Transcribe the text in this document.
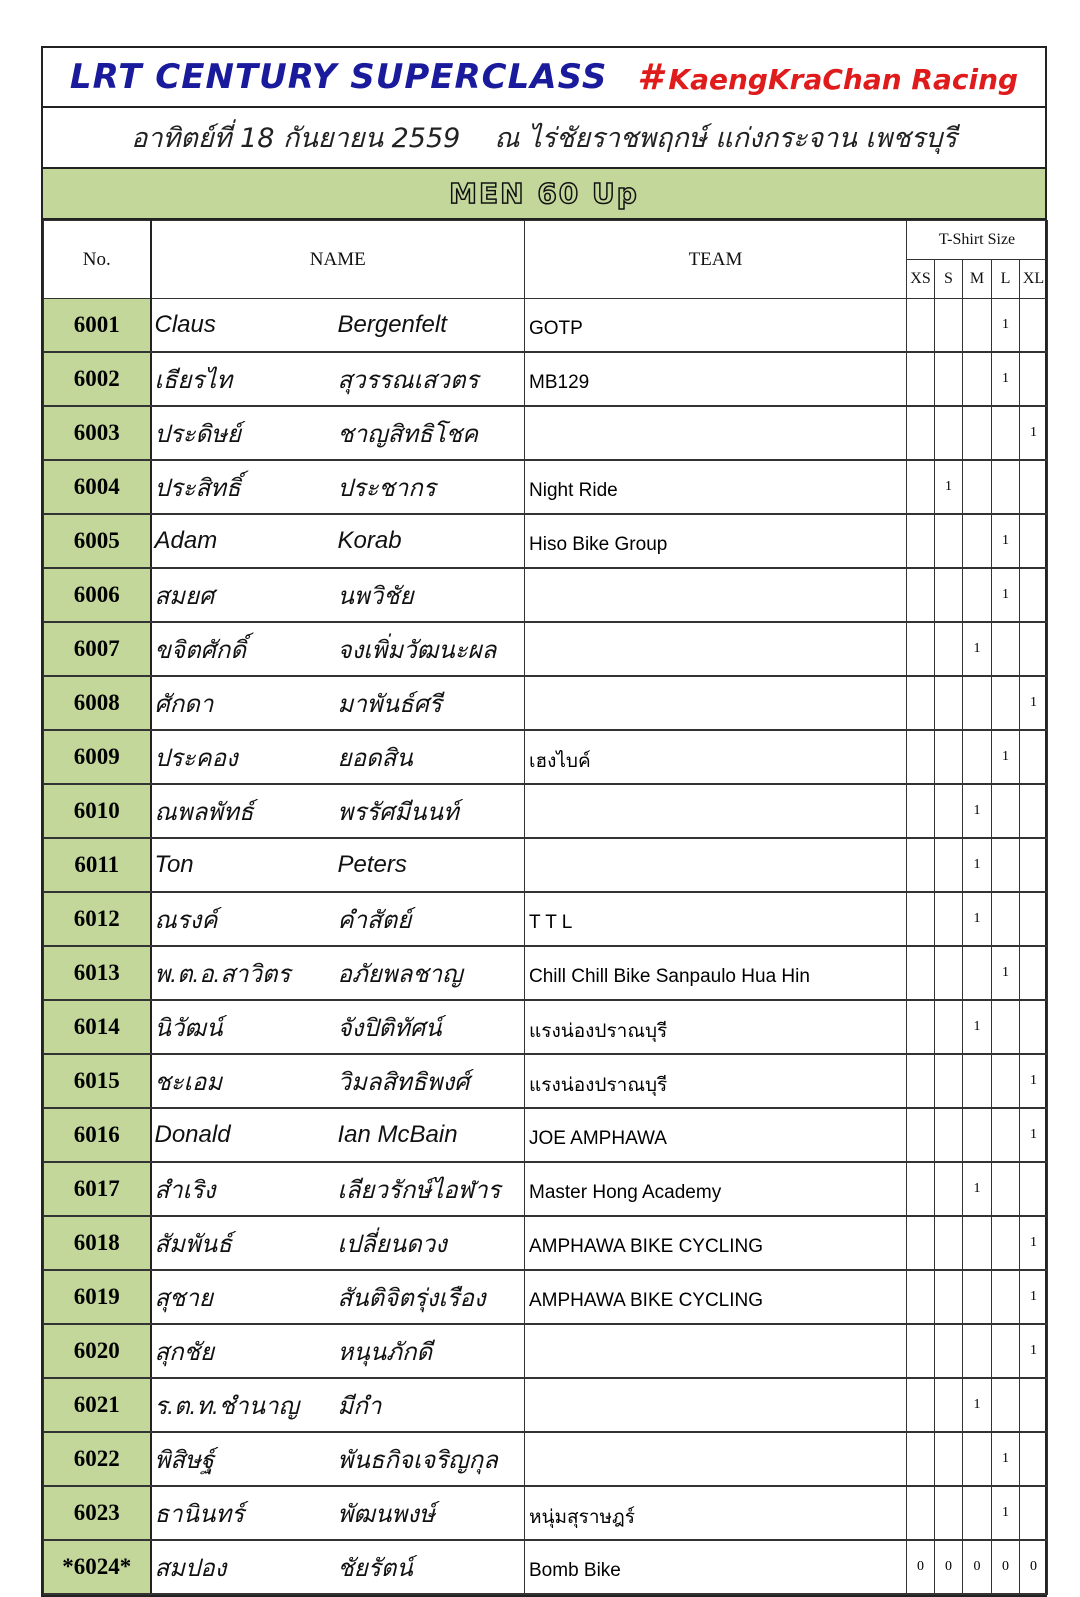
LRT CENTURY SUPERCLASS # KaengKraChan Racing
อาทิตย์ที่ 18 กันยายน 2559 ณ ไร่ชัยราชพฤกษ์ แก่งกระจาน เพชรบุรี
MEN 60 Up
No.	NAME	TEAM	T-Shirt Size				
			XS	S	M	L	XL
6001	Claus Bergenfelt	GOTP				1	
6002	เธียรไท สุวรรณเสวตร	MB129				1	
6003	ประดิษย์ ชาญสิทธิโชค						1
6004	ประสิทธิ์ ประชากร	Night Ride		1			
6005	Adam Korab	Hiso Bike Group				1	
6006	สมยศ นพวิชัย					1	
6007	ขจิตศักดิ์ จงเพิ่มวัฒนะผล				1		
6008	ศักดา มาพันธ์ศรี						1
6009	ประคอง ยอดสิน	เฮงไบค์				1	
6010	ณพลพัทธ์ พรรัศมีนนท์				1		
6011	Ton Peters				1		
6012	ณรงค์ คำสัตย์	T T L			1		
6013	พ.ต.อ.สาวิตร อภัยพลชาญ	Chill Chill Bike Sanpaulo Hua Hin				1	
6014	นิวัฒน์ จังปิติทัศน์	แรงน่องปราณบุรี			1		
6015	ชะเอม วิมลสิทธิพงศ์	แรงน่องปราณบุรี					1
6016	Donald Ian McBain	JOE AMPHAWA					1
6017	สำเริง เลียวรักษ์ไอฬาร	Master Hong Academy			1		
6018	สัมพันธ์ เปลี่ยนดวง	AMPHAWA BIKE CYCLING					1
6019	สุชาย สันติจิตรุ่งเรือง	AMPHAWA BIKE CYCLING					1
6020	สุกชัย หนุนภักดี						1
6021	ร.ต.ท.ชำนาญ มีกำ				1		
6022	พิสิษฐ์ พันธกิจเจริญกุล					1	
6023	ธานินทร์ พัฒนพงษ์	หนุ่มสุราษฎร์				1	
*6024*	สมปอง ชัยรัตน์	Bomb Bike	0	0	0	0	0
